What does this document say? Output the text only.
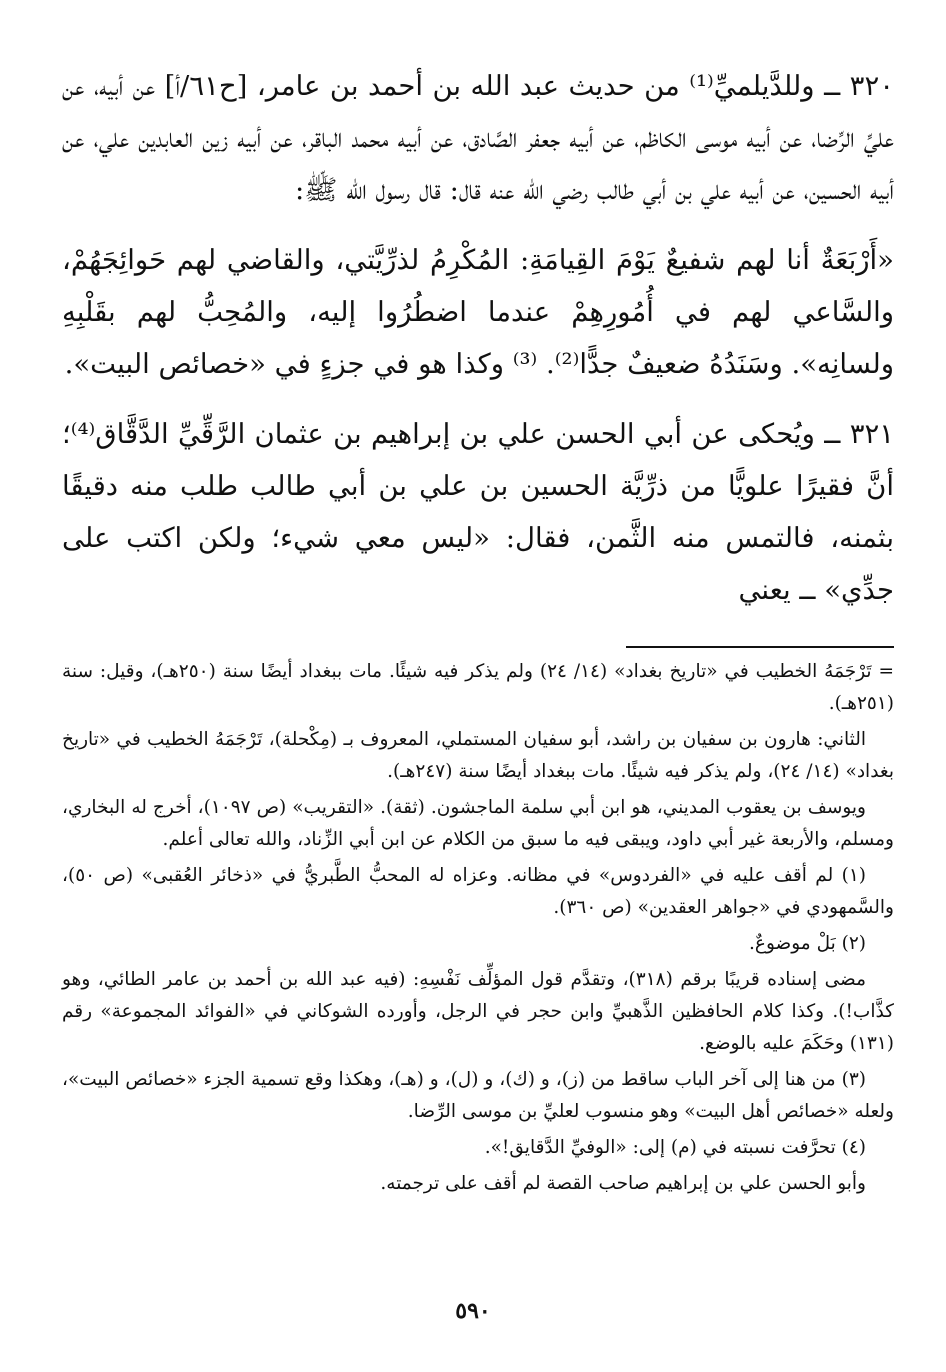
٣٢٠ ــ وللدَّيلميِّ⁽¹⁾ من حديث عبد الله بن أحمد بن عامر، [ح٦١/أ] عن أبيه، عن عليِّ الرِّضا، عن أبيه موسى الكاظم، عن أبيه جعفر الصَّادق، عن أبيه محمد الباقر، عن أبيه زين العابدين علي، عن أبيه الحسين، عن أبيه علي بن أبي طالب رضي الله عنه قال: قال رسول الله ﷺ:

«أَرْبَعَةٌ أنا لهم شفيعٌ يَوْمَ القِيامَةِ: المُكْرِمُ لذرِّيَّتي، والقاضي لهم حَوائِجَهُمْ، والسَّاعي لهم في أُمُورِهِمْ عندما اضطُرُوا إليه، والمُحِبُّ لهم بقَلْبِهِ ولسانِه». وسَنَدُهُ ضعيفٌ جدًّا⁽²⁾. ⁽³⁾ وكذا هو في جزءٍ في «خصائص البيت».

٣٢١ ــ ويُحكى عن أبي الحسن علي بن إبراهيم بن عثمان الرَّقِّيِّ الدَّقَّاق⁽⁴⁾؛ أنَّ فقيرًا علويًّا من ذرِّيَّة الحسين بن علي بن أبي طالب طلب منه دقيقًا بثمنه، فالتمس منه الثَّمن، فقال: «ليس معي شيء؛ ولكن اكتب على جدِّي» ــ يعني

= تَرْجَمَهُ الخطيب في «تاريخ بغداد» (١٤/ ٢٤) ولم يذكر فيه شيئًا. مات ببغداد أيضًا سنة (٢٥٠هـ)، وقيل: سنة (٢٥١هـ).

الثاني: هارون بن سفيان بن راشد، أبو سفيان المستملي، المعروف بـ (مِكْحلة)، تَرْجَمَهُ الخطيب في «تاريخ بغداد» (١٤/ ٢٤)، ولم يذكر فيه شيئًا. مات ببغداد أيضًا سنة (٢٤٧هـ).

ويوسف بن يعقوب المديني، هو ابن أبي سلمة الماجشون. (ثقة). «التقريب» (ص ١٠٩٧)، أخرج له البخاري، ومسلم، والأربعة غير أبي داود، ويبقى فيه ما سبق من الكلام عن ابن أبي الزِّناد، والله تعالى أعلم.

(١) لم أقف عليه في «الفردوس» في مظانه. وعزاه له المحبُّ الطَّبريُّ في «ذخائر العُقبى» (ص ٥٠)، والسَّمهودي في «جواهر العقدين» (ص ٣٦٠).

(٢) بَلْ موضوعٌ.

مضى إسناده قريبًا برقم (٣١٨)، وتقدَّم قول المؤلِّف نَفْسِهِ: (فيه عبد الله بن أحمد بن عامر الطائي، وهو كذَّاب!). وكذا كلام الحافظين الذَّهبيِّ وابن حجر في الرجل، وأورده الشوكاني في «الفوائد المجموعة» رقم (١٣١) وحَكَمَ عليه بالوضع.

(٣) من هنا إلى آخر الباب ساقط من (ز)، و (ك)، و (ل)، و (هـ)، وهكذا وقع تسمية الجزء «خصائص البيت»، ولعله «خصائص أهل البيت» وهو منسوب لعليِّ بن موسى الرِّضا.

(٤) تحرَّفت نسبته في (م) إلى: «الوفيِّ الدَّقايق!».

وأبو الحسن علي بن إبراهيم صاحب القصة لم أقف على ترجمته.

٥٩٠
